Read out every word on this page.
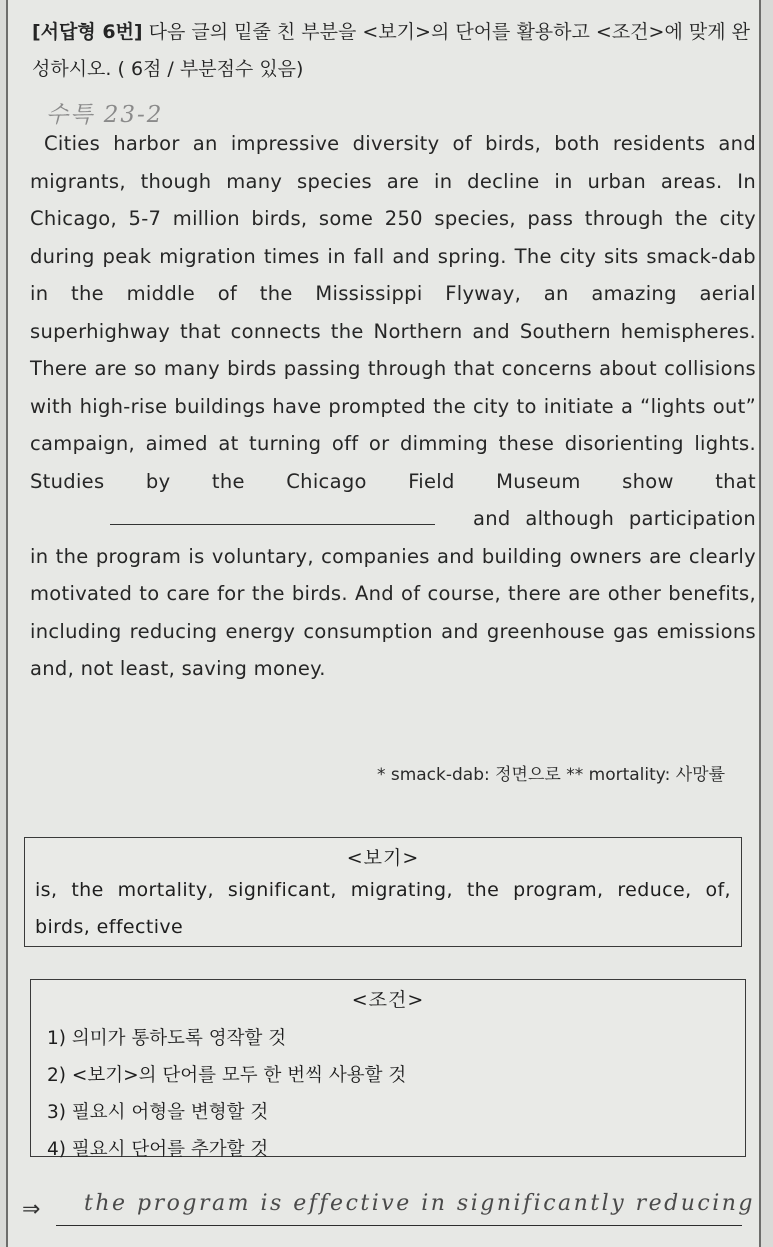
[서답형 6번] 다음 글의 밑줄 친 부분을 <보기>의 단어를 활용하고 <조건>에 맞게 완성하시오. ( 6점 / 부분점수 있음)
수특 23-2
Cities harbor an impressive diversity of birds, both residents and migrants, though many species are in decline in urban areas. In Chicago, 5-7 million birds, some 250 species, pass through the city during peak migration times in fall and spring. The city sits smack-dab in the middle of the Mississippi Flyway, an amazing aerial superhighway that connects the Northern and Southern hemispheres. There are so many birds passing through that concerns about collisions with high-rise buildings have prompted the city to initiate a “lights out” campaign, aimed at turning off or dimming these disorienting lights. Studies by the Chicago Field Museum show thatand although participation in the program is voluntary, companies and building owners are clearly motivated to care for the birds. And of course, there are other benefits, including reducing energy consumption and greenhouse gas emissions and, not least, saving money.
* smack-dab: 정면으로 ** mortality: 사망률
<보기>
is, the mortality, significant, migrating, the program, reduce, of, birds, effective
<조건>
1) 의미가 통하도록 영작할 것
2) <보기>의 단어를 모두 한 번씩 사용할 것
3) 필요시 어형을 변형할 것
4) 필요시 단어를 추가할 것
⇒ the program is effective in significantly reducing
